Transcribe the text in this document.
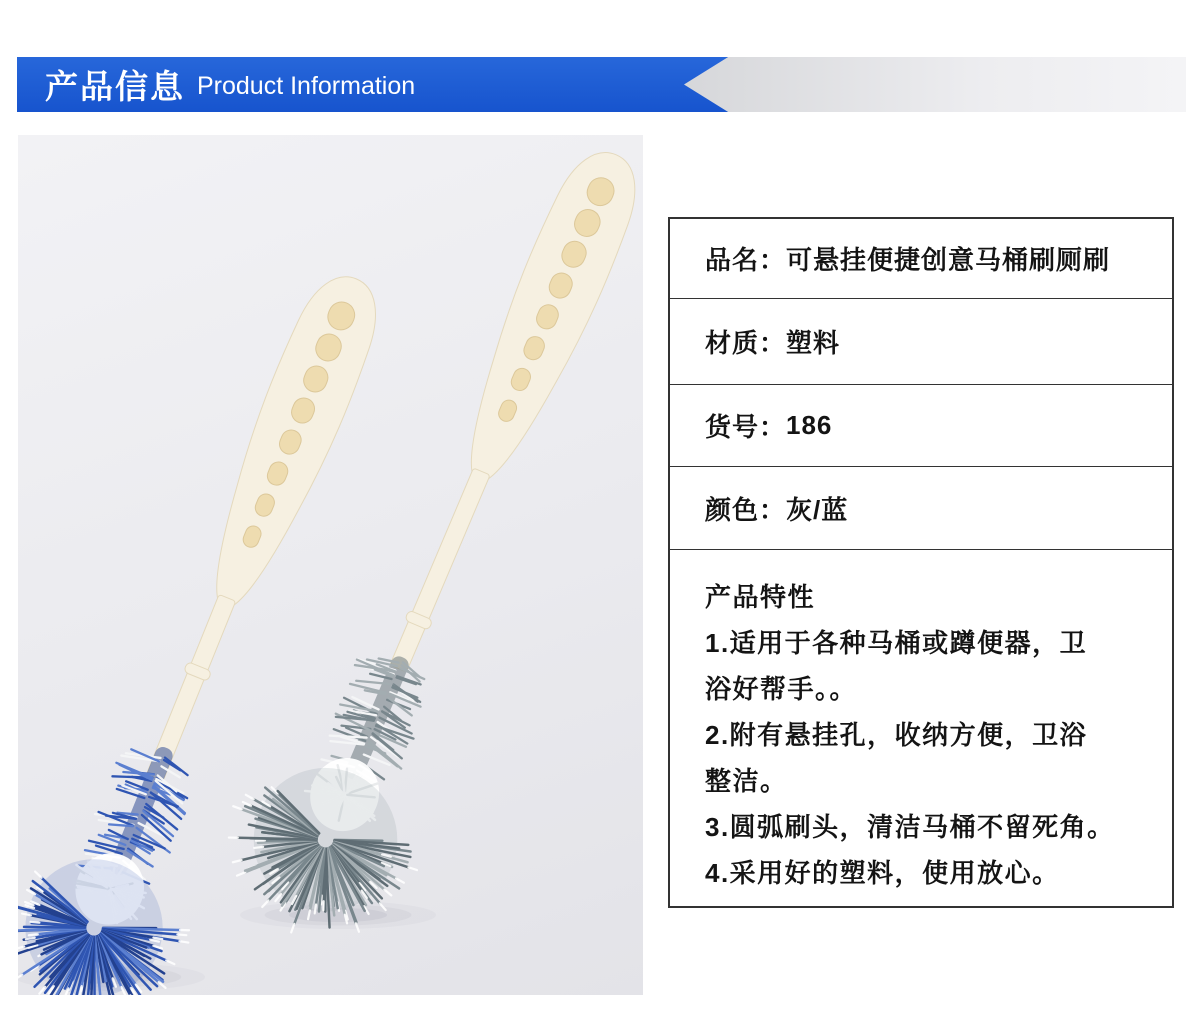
产品信息 Product Information
品名： 可悬挂便捷创意马桶刷厕刷
材质： 塑料
货号： 186
颜色： 灰/蓝
产品特性
1.适用于各种马桶或蹲便器，卫
浴好帮手。。
2.附有悬挂孔，收纳方便，卫浴
整洁。
3.圆弧刷头，清洁马桶不留死角。
4.采用好的塑料，使用放心。
